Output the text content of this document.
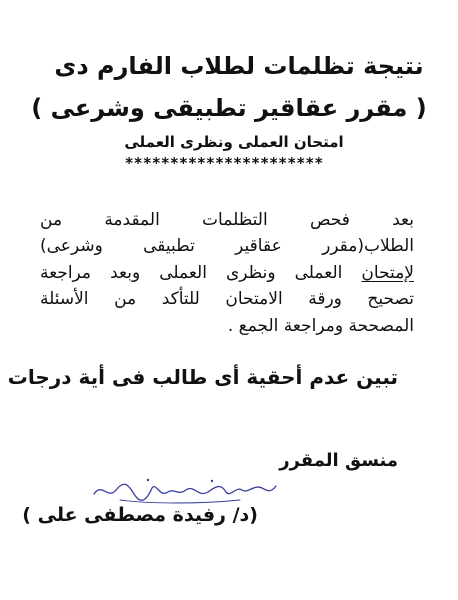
نتيجة تظلمات لطلاب الفارم دى
( مقرر عقاقير تطبيقى وشرعى )
امتحان العملى ونظرى العملى
**********************
بعد فحص التظلمات المقدمة من
الطلاب(مقرر عقاقير تطبيقى وشرعى)
لإمتحان العملى ونظرى العملى وبعد مراجعة
تصحيح ورقة الامتحان للتأكد من الأسئلة
المصححة ومراجعة الجمع .
تبين عدم أحقية أى طالب فى أية درجات
منسق المقرر
(د/ رفيدة مصطفى على )
